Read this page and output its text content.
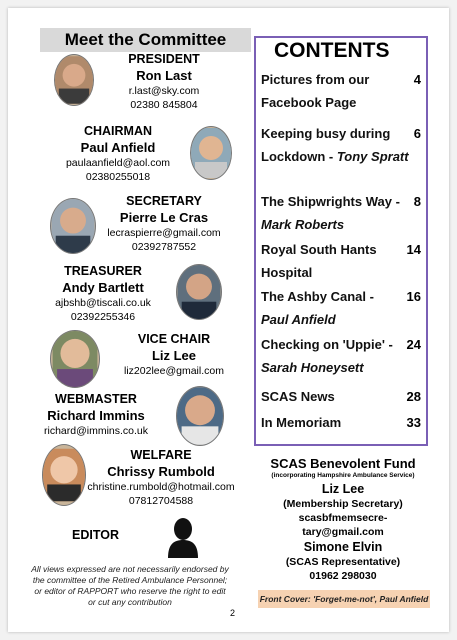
Meet the Committee
PRESIDENT
Ron Last
r.last@sky.com
02380 845804
CHAIRMAN
Paul Anfield
paulaanfield@aol.com
02380255018
SECRETARY
Pierre Le Cras
lecraspierre@gmail.com
02392787552
TREASURER
Andy Bartlett
ajbshb@tiscali.co.uk
02392255346
VICE CHAIR
Liz Lee
liz202lee@gmail.com
WEBMASTER
Richard Immins
richard@immins.co.uk
WELFARE
Chrissy Rumbold
christine.rumbold@hotmail.com
07812704588
EDITOR
All views expressed are not necessarily endorsed by the committee of the Retired Ambulance Personnel; or editor of RAPPORT who reserve the right to edit or cut any contribution
CONTENTS
Pictures from our
Facebook Page
4
Keeping busy during
Lockdown - Tony Spratt
6
The Shipwrights Way -
Mark Roberts
8
Royal South Hants
Hospital
14
The Ashby Canal -
Paul Anfield
16
Checking on 'Uppie' -
Sarah Honeysett
24
SCAS News	28
In Memoriam	33
SCAS Benevolent Fund
(incorporating Hampshire Ambulance Service)
Liz Lee
(Membership Secretary)
scasbfmemsecre-
tary@gmail.com
Simone Elvin
(SCAS Representative)
01962 298030
Front Cover: 'Forget-me-not', Paul Anfield
2
